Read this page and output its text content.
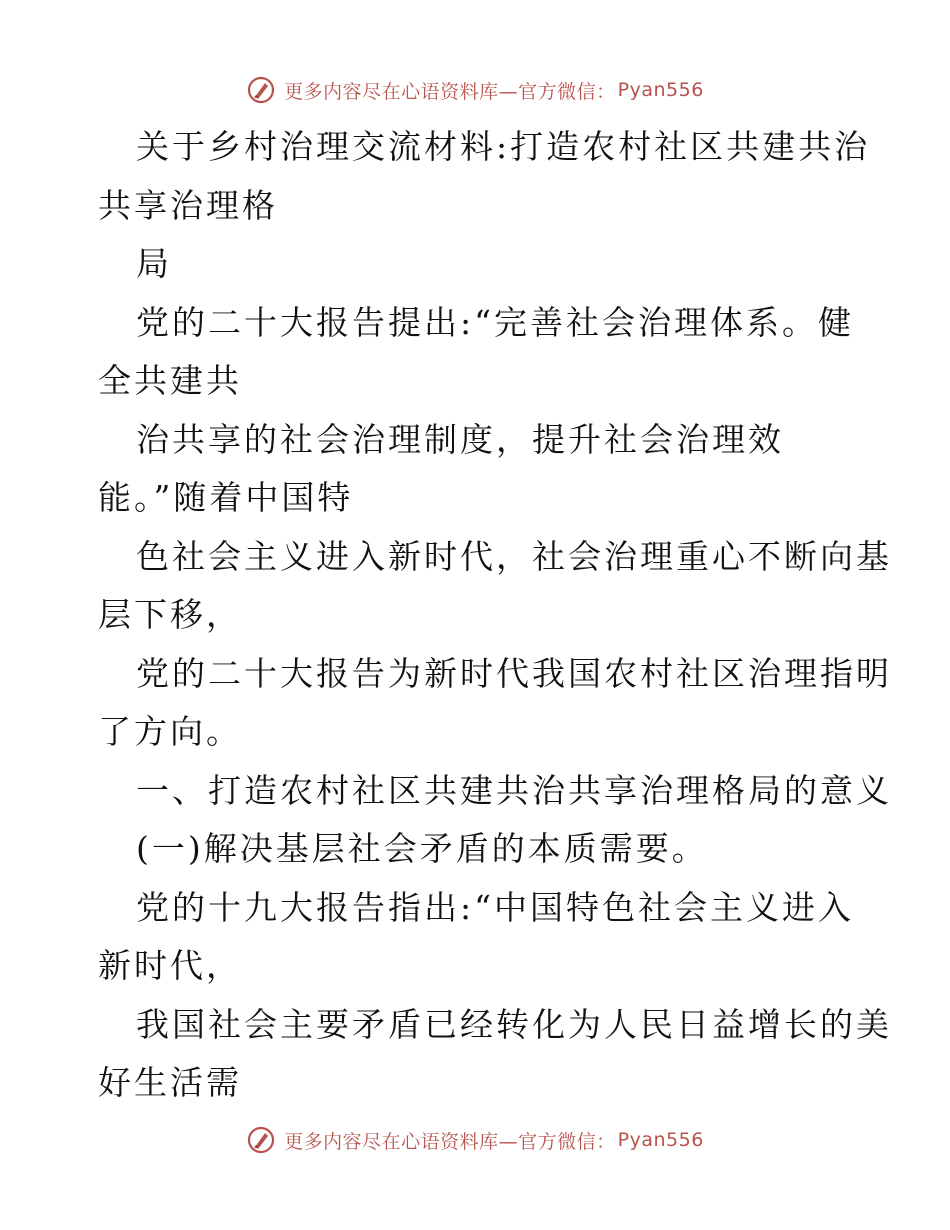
更多内容尽在心语资料库—官方微信： Pyan556
关于乡村治理交流材料:打造农村社区共建共治
共享治理格
局
党的二十大报告提出:“完善社会治理体系。健
全共建共
治共享的社会治理制度，提升社会治理效
能。”随着中国特
色社会主义进入新时代，社会治理重心不断向基
层下移，
党的二十大报告为新时代我国农村社区治理指明
了方向。
一、打造农村社区共建共治共享治理格局的意义
(一)解决基层社会矛盾的本质需要。
党的十九大报告指出:“中国特色社会主义进入
新时代，
我国社会主要矛盾已经转化为人民日益增长的美
好生活需
更多内容尽在心语资料库—官方微信： Pyan556
